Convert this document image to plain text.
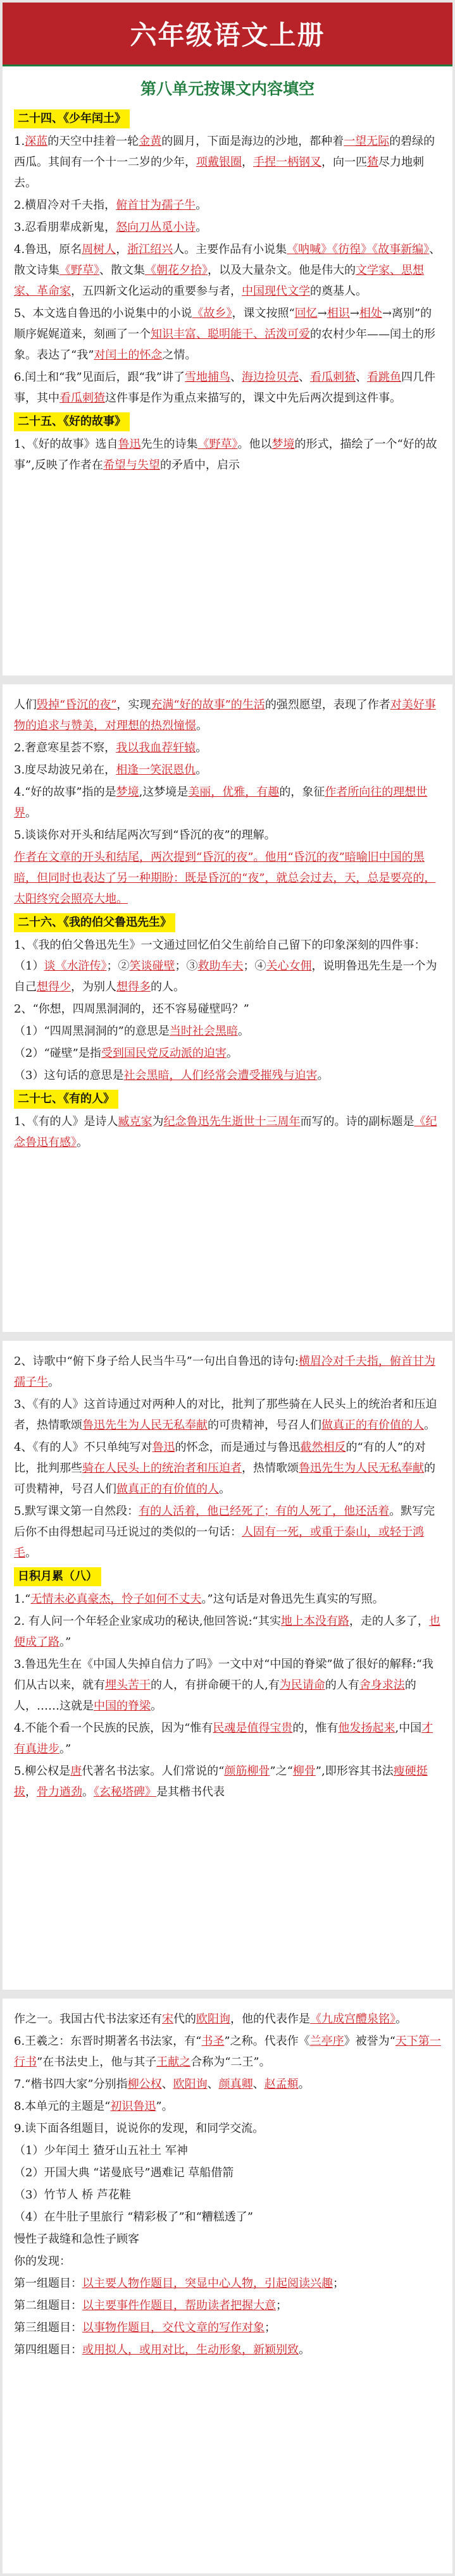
六年级语文上册
第八单元按课文内容填空
二十四、《少年闰土》

1.深蓝的天空中挂着一轮金黄的圆月，下面是海边的沙地，都种着一望无际的碧绿的西瓜。其间有一个十一二岁的少年，项戴银圈，手捏一柄钢叉，向一匹猹尽力地刺去。

2.横眉冷对千夫指，俯首甘为孺子牛。

3.忍看朋辈成新鬼，怒向刀丛觅小诗。

4.鲁迅，原名周树人，浙江绍兴人。主要作品有小说集《呐喊》《彷徨》《故事新编》、散文诗集《野草》、散文集《朝花夕拾》，以及大量杂文。他是伟大的文学家、思想家、革命家，五四新文化运动的重要参与者，中国现代文学的奠基人。

5、本文选自鲁迅的小说集中的小说《故乡》，课文按照“回忆→相识→相处→离别”的顺序娓娓道来，刻画了一个知识丰富、聪明能干、活泼可爱的农村少年——闰土的形象。表达了“我”对闰土的怀念之情。

6.闰土和“我”见面后，跟“我”讲了雪地捕鸟、海边捡贝壳、看瓜刺猹、看跳鱼四几件事，其中看瓜刺猹这件事是作为重点来描写的，课文中先后两次提到这件事。

二十五、《好的故事》

1、《好的故事》选自鲁迅先生的诗集《野草》。他以梦境的形式，描绘了一个“好的故事”,反映了作者在希望与失望的矛盾中，启示

人们毁掉“昏沉的夜”，实现充满“好的故事”的生活的强烈愿望，表现了作者对美好事物的追求与赞美，对理想的热烈憧憬。

2.奢意寒星荟不察，我以我血荐轩辕。

3.度尽劫波兄弟在，相逢一笑泯恩仇。

4.“好的故事”指的是梦境,这梦境是美丽，优雅，有趣的，象征作者所向往的理想世界。

5.谈谈你对开头和结尾两次写到“昏沉的夜”的理解。

作者在文章的开头和结尾，两次提到“昏沉的夜”。他用“昏沉的夜”暗喻旧中国的黑暗，但同时也表达了另一种期盼：既是昏沉的“夜”，就总会过去，天，总是要亮的，太阳终究会照亮大地。

二十六、《我的伯父鲁迅先生》

1、《我的伯父鲁迅先生》一文通过回忆伯父生前给自己留下的印象深刻的四件事：（1）谈《水浒传》；②笑谈碰壁；③救助车夫；④关心女佣，说明鲁迅先生是一个为自己想得少，为别人想得多的人。

2、“你想，四周黑洞洞的，还不容易碰壁吗？”

（1）“四周黑洞洞的”的意思是当时社会黑暗。

（2）“碰壁”是指受到国民党反动派的迫害。

（3）这句话的意思是社会黑暗，人们经常会遭受摧残与迫害。

二十七、《有的人》

1、《有的人》是诗人臧克家为纪念鲁迅先生逝世十三周年而写的。诗的副标题是《纪念鲁迅有感》。

2、诗歌中“俯下身子给人民当牛马”一句出自鲁迅的诗句:横眉冷对千夫指，俯首甘为孺子牛。

3、《有的人》这首诗通过对两种人的对比，批判了那些骑在人民头上的统治者和压迫者，热情歌颂鲁迅先生为人民无私奉献的可贵精神，号召人们做真正的有价值的人。

4、《有的人》不只单纯写对鲁迅的怀念，而是通过与鲁迅截然相反的“有的人”的对比，批判那些骑在人民头上的统治者和压迫者，热情歌颂鲁迅先生为人民无私奉献的可贵精神，号召人们做真正的有价值的人。

5.默写课文第一自然段：有的人活着，他已经死了；有的人死了，他还活着。默写完后你不由得想起司马迁说过的类似的一句话：人固有一死，或重于泰山，或轻于鸿毛。

日积月累（八）

1.“无情未必真豪杰，怜子如何不丈夫。”这句话是对鲁迅先生真实的写照。

2. 有人问一个年轻企业家成功的秘诀,他回答说:“其实地上本没有路，走的人多了，也便成了路。”

3.鲁迅先生在《中国人失掉自信力了吗》一文中对“中国的脊梁”做了很好的解释:“我们从古以来，就有埋头苦干的人，有拼命硬干的人,有为民请命的人有舍身求法的人，……这就是中国的脊梁。

4.不能个看一个民族的民族，因为“惟有民魂是值得宝贵的，惟有他发扬起来,中国才有真进步。”

5.柳公权是唐代著名书法家。人们常说的“颜筋柳骨”之“柳骨”,即形容其书法瘦硬挺拔，骨力遒劲。《玄秘塔碑》是其楷书代表

作之一。我国古代书法家还有宋代的欧阳询，他的代表作是《九成宫醴泉铭》。

6.王羲之：东晋时期著名书法家，有“书圣”之称。代表作《兰亭序》被誉为“天下第一行书”在书法史上，他与其子王献之合称为“二王”。

7.“楷书四大家”分别指柳公权、欧阳询、颜真卿、赵孟頫。

8.本单元的主题是“初识鲁迅”。

9.读下面各组题目，说说你的发现，和同学交流。

（1）少年闰土 猹牙山五社土 军神

（2）开国大典 “诺曼底号”遇难记 草船借箭

（3）竹节人 桥 芦花鞋

（4）在牛肚子里旅行 “精彩极了”和“糟糕透了”

慢性子裁缝和急性子顾客

你的发现：

第一组题目：以主要人物作题目，突显中心人物，引起阅读兴趣；

第二组题目：以主要事件作题目，帮助读者把握大意；

第三组题目：以事物作题目，交代文章的写作对象；

第四组题目：或用拟人，或用对比，生动形象，新颖别致。
